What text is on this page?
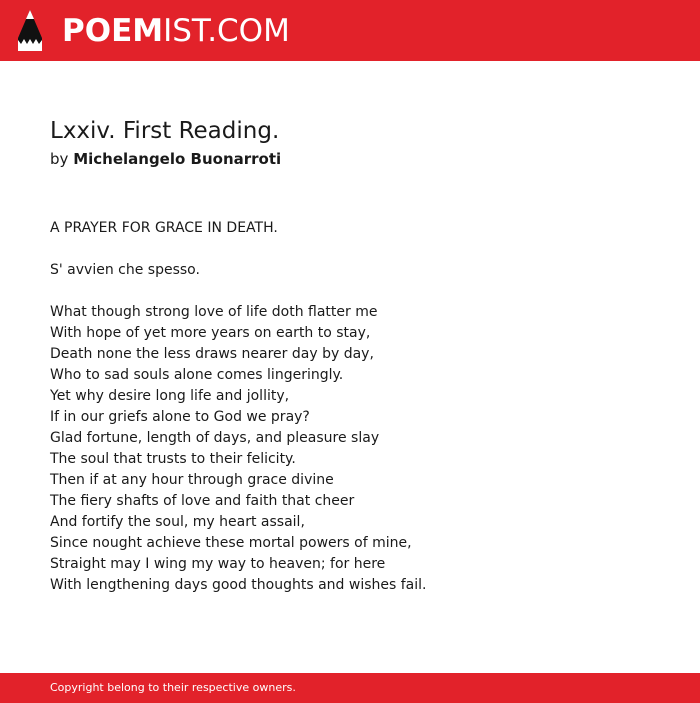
POEMIST.COM
Lxxiv. First Reading.
by Michelangelo Buonarroti

A PRAYER FOR GRACE IN DEATH.

S' avvien che spesso.

What though strong love of life doth flatter me
With hope of yet more years on earth to stay,
Death none the less draws nearer day by day,
Who to sad souls alone comes lingeringly.
Yet why desire long life and jollity,
If in our griefs alone to God we pray?
Glad fortune, length of days, and pleasure slay
The soul that trusts to their felicity.
Then if at any hour through grace divine
The fiery shafts of love and faith that cheer
And fortify the soul, my heart assail,
Since nought achieve these mortal powers of mine,
Straight may I wing my way to heaven; for here
With lengthening days good thoughts and wishes fail.
Copyright belong to their respective owners.
